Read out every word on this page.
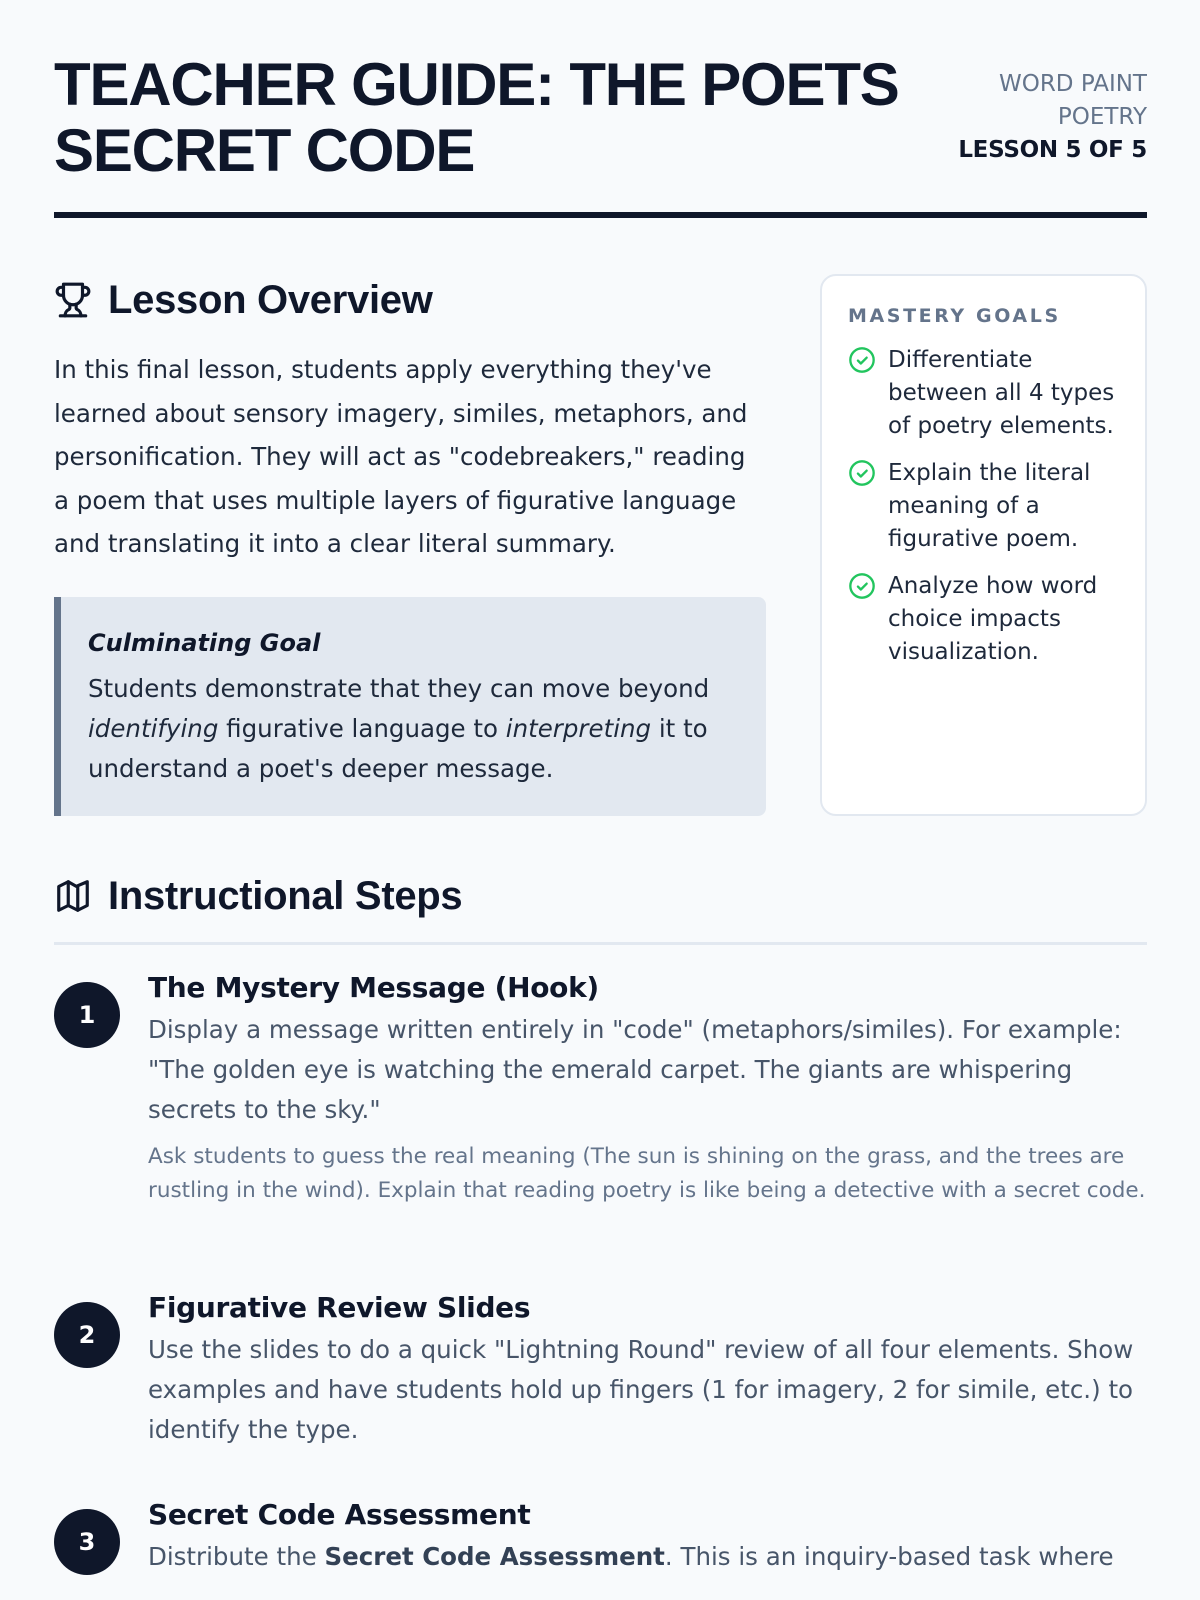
TEACHER GUIDE: THE POETS SECRET CODE
WORD PAINT
POETRY
LESSON 5 OF 5
Lesson Overview

In this final lesson, students apply everything they've learned about sensory imagery, similes, metaphors, and personification. They will act as "codebreakers," reading a poem that uses multiple layers of figurative language and translating it into a clear literal summary.

Culminating Goal

Students demonstrate that they can move beyond identifying figurative language to interpreting it to understand a poet's deeper message.

MASTERY GOALS
Differentiate between all 4 types of poetry elements.
Explain the literal meaning of a figurative poem.
Analyze how word choice impacts visualization.
Instructional Steps
1
The Mystery Message (Hook)

Display a message written entirely in "code" (metaphors/similes). For example: "The golden eye is watching the emerald carpet. The giants are whispering secrets to the sky."

Ask students to guess the real meaning (The sun is shining on the grass, and the trees are rustling in the wind). Explain that reading poetry is like being a detective with a secret code.

2
Figurative Review Slides

Use the slides to do a quick "Lightning Round" review of all four elements. Show examples and have students hold up fingers (1 for imagery, 2 for simile, etc.) to identify the type.

3
Secret Code Assessment

Distribute the Secret Code Assessment. This is an inquiry-based task where
